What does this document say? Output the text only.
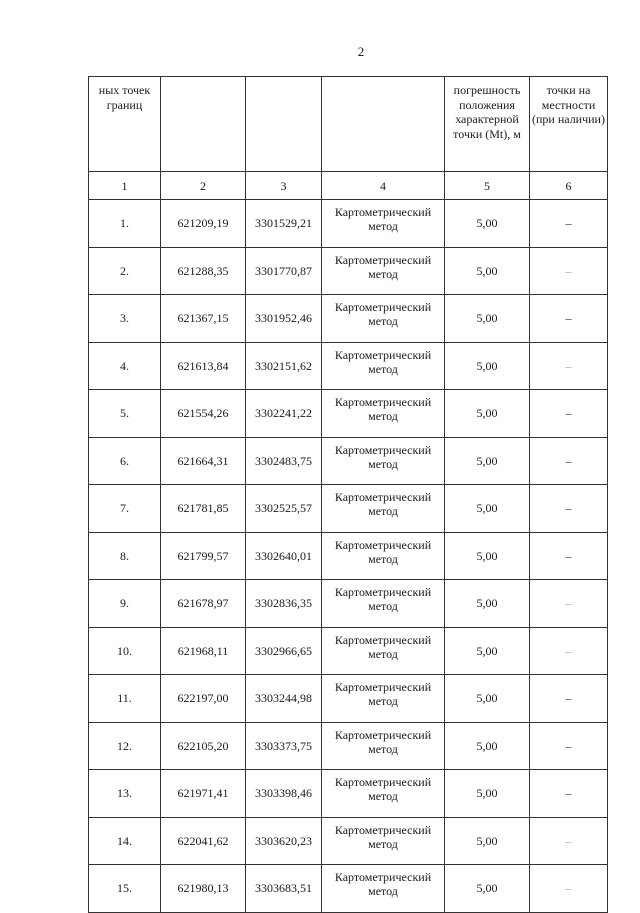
2
ных точек границ				погрешность положения характерной точки (Mt), м	точки на местности (при наличии)
1	2	3	4	5	6
1.	621209,19	3301529,21	Картометрический метод	5,00	–
2.	621288,35	3301770,87	Картометрический метод	5,00	–
3.	621367,15	3301952,46	Картометрический метод	5,00	–
4.	621613,84	3302151,62	Картометрический метод	5,00	–
5.	621554,26	3302241,22	Картометрический метод	5,00	–
6.	621664,31	3302483,75	Картометрический метод	5,00	–
7.	621781,85	3302525,57	Картометрический метод	5,00	–
8.	621799,57	3302640,01	Картометрический метод	5,00	–
9.	621678,97	3302836,35	Картометрический метод	5,00	–
10.	621968,11	3302966,65	Картометрический метод	5,00	–
11.	622197,00	3303244,98	Картометрический метод	5,00	–
12.	622105,20	3303373,75	Картометрический метод	5,00	–
13.	621971,41	3303398,46	Картометрический метод	5,00	–
14.	622041,62	3303620,23	Картометрический метод	5,00	–
15.	621980,13	3303683,51	Картометрический метод	5,00	–
